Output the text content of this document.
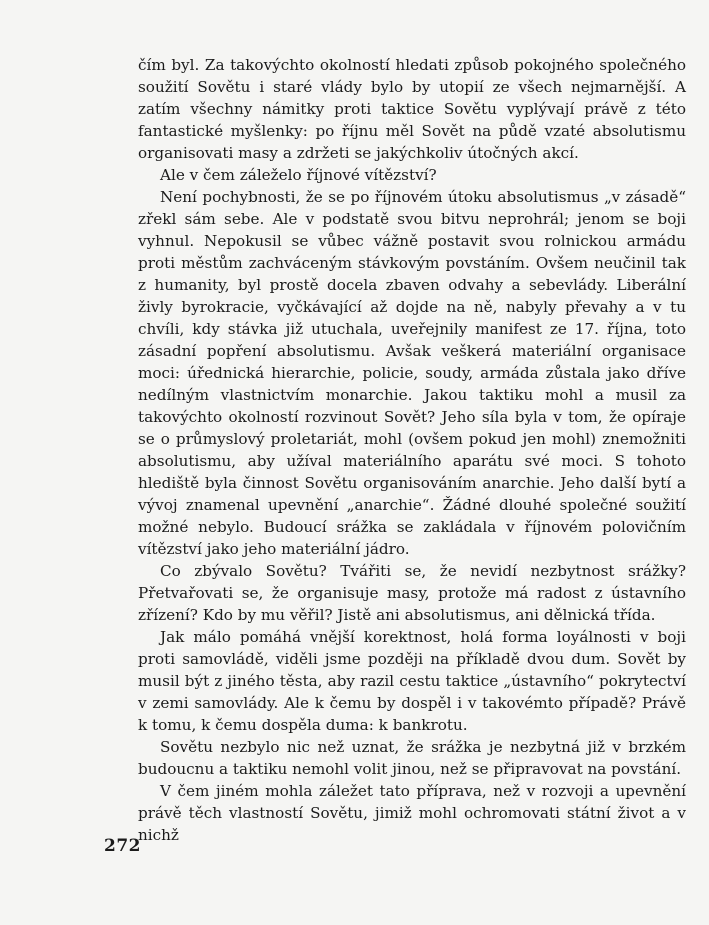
čím byl. Za takovýchto okolností hledati způsob pokojného společného soužití Sovětu i staré vlády bylo by utopií ze všech nejmarnější. A zatím všechny námitky proti taktice Sovětu vyplývají právě z této fantastické myšlenky: po říjnu měl Sovět na půdě vzaté absolutismu organisovati masy a zdržeti se jakýchkoliv útočných akcí.

Ale v čem záleželo říjnové vítězství?

Není pochybnosti, že se po říjnovém útoku absolutismus „v zásadě“ zřekl sám sebe. Ale v podstatě svou bitvu neprohrál; jenom se boji vyhnul. Nepokusil se vůbec vážně postavit svou rolnickou armádu proti městům zachváceným stávkovým povstáním. Ovšem neučinil tak z humanity, byl prostě docela zbaven odvahy a sebevlády. Liberální živly byrokracie, vyčkávající až dojde na ně, nabyly převahy a v tu chvíli, kdy stávka již utuchala, uveřejnily manifest ze 17. října, toto zásadní popření absolutismu. Avšak veškerá materiální organisace moci: úřednická hierarchie, policie, soudy, armáda zůstala jako dříve nedílným vlastnictvím monarchie. Jakou taktiku mohl a musil za takovýchto okolností rozvinout Sovět? Jeho síla byla v tom, že opíraje se o průmyslový proletariát, mohl (ovšem pokud jen mohl) znemožniti absolutismu, aby užíval materiálního aparátu své moci. S tohoto hlediště byla činnost Sovětu organisováním anarchie. Jeho další bytí a vývoj znamenal upevnění „anarchie“. Žádné dlouhé společné soužití možné nebylo. Budoucí srážka se zakládala v říjnovém polovičním vítězství jako jeho materiální jádro.

Co zbývalo Sovětu? Tvářiti se, že nevidí nezbytnost srážky? Přetvařovati se, že organisuje masy, protože má radost z ústavního zřízení? Kdo by mu věřil? Jistě ani absolutismus, ani dělnická třída.

Jak málo pomáhá vnější korektnost, holá forma loyálnosti v boji proti samovládě, viděli jsme později na příkladě dvou dum. Sovět by musil být z jiného těsta, aby razil cestu taktice „ústavního“ pokrytectví v zemi samovlády. Ale k čemu by dospěl i v takovémto případě? Právě k tomu, k čemu dospěla duma: k bankrotu.

Sovětu nezbylo nic než uznat, že srážka je nezbytná již v brzkém budoucnu a taktiku nemohl volit jinou, než se připravovat na povstání.

V čem jiném mohla záležet tato příprava, než v rozvoji a upevnění právě těch vlastností Sovětu, jimiž mohl ochromovati státní život a v nichž

272
